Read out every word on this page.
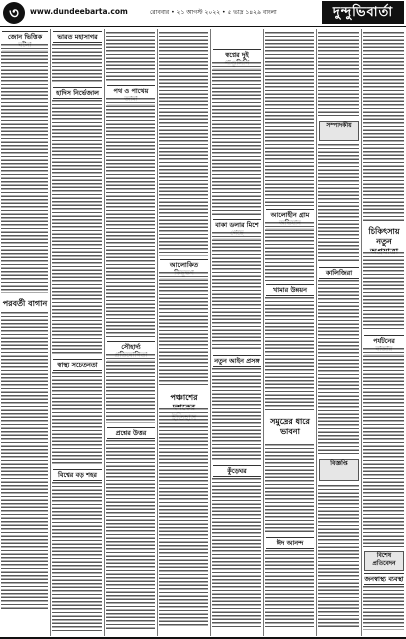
৩	www.dundeebarta.com	রোববার • ২১ আগস্ট ২০২২ • ৫ ভাদ্র ১৪২৯ বাংলা	দুন্দুভিবার্তা
জোন ভিত্তিক
পরবর্তী বাগান
ভারত মহাসাগর
হাদিস নির্ভেজাল
স্বাস্থ্য সচেতনতা
বিশ্বের বড় শহর
পথ ও পাথেয়
সৌহার্দ্য
প্রশ্নের উত্তর
আলোকিত
পঞ্চাশের
স্বপ্নের দুই
বাকা ডলার মিশে
নতুন আইন প্রসঙ্গ
কুঁড়েঘর
আলোহীন গ্রাম
খামার উন্নয়ন
সমুদ্রের ধারে ভাবনা
ঈদ আনন্দ
সম্পাদকীয়
কালিজিরা
বিজ্ঞপ্তি
চিকিৎসায় নতুন
পর্যটনের
বিশেষ প্রতিবেদন
জনস্বাস্থ্য ব্যবস্থা
